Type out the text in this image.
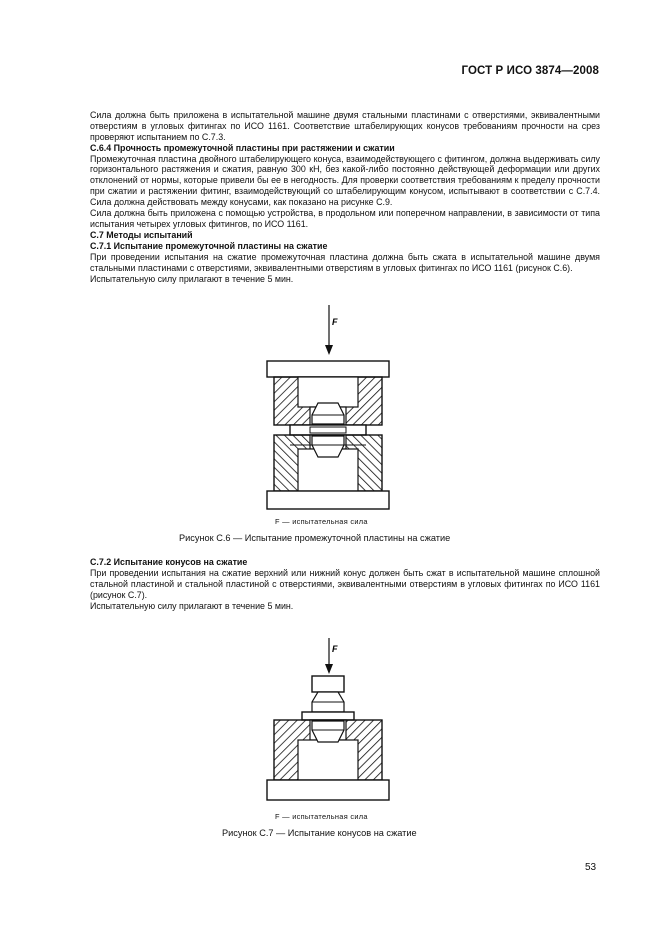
ГОСТ Р ИСО 3874—2008

Сила должна быть приложена в испытательной машине двумя стальными пластинами с отверстиями, эквивалентными отверстиям в угловых фитингах по ИСО 1161. Соответствие штабелирующих конусов требованиям прочности на срез проверяют испытанием по С.7.3.

С.6.4 Прочность промежуточной пластины при растяжении и сжатии

Промежуточная пластина двойного штабелирующего конуса, взаимодействующего с фитингом, должна выдерживать силу горизонтального растяжения и сжатия, равную 300 кН, без какой-либо постоянно действующей деформации или других отклонений от нормы, которые привели бы ее в негодность. Для проверки соответствия требованиям к пределу прочности при сжатии и растяжении фитинг, взаимодействующий со штабелирующим конусом, испытывают в соответствии с С.7.4. Сила должна действовать между конусами, как показано на рисунке С.9.

Сила должна быть приложена с помощью устройства, в продольном или поперечном направлении, в зависимости от типа испытания четырех угловых фитингов, по ИСО 1161.

С.7 Методы испытаний

С.7.1 Испытание промежуточной пластины на сжатие

При проведении испытания на сжатие промежуточная пластина должна быть сжата в испытательной машине двумя стальными пластинами с отверстиями, эквивалентными отверстиям в угловых фитингах по ИСО 1161 (рисунок С.6).

Испытательную силу прилагают в течение 5 мин.

F
F — испытательная сила
Рисунок С.6 — Испытание промежуточной пластины на сжатие

С.7.2 Испытание конусов на сжатие

При проведении испытания на сжатие верхний или нижний конус должен быть сжат в испытательной машине сплошной стальной пластиной и стальной пластиной с отверстиями, эквивалентными отверстиям в угловых фитингах по ИСО 1161 (рисунок С.7).

Испытательную силу прилагают в течение 5 мин.

F
F — испытательная сила
Рисунок С.7 — Испытание конусов на сжатие
53
